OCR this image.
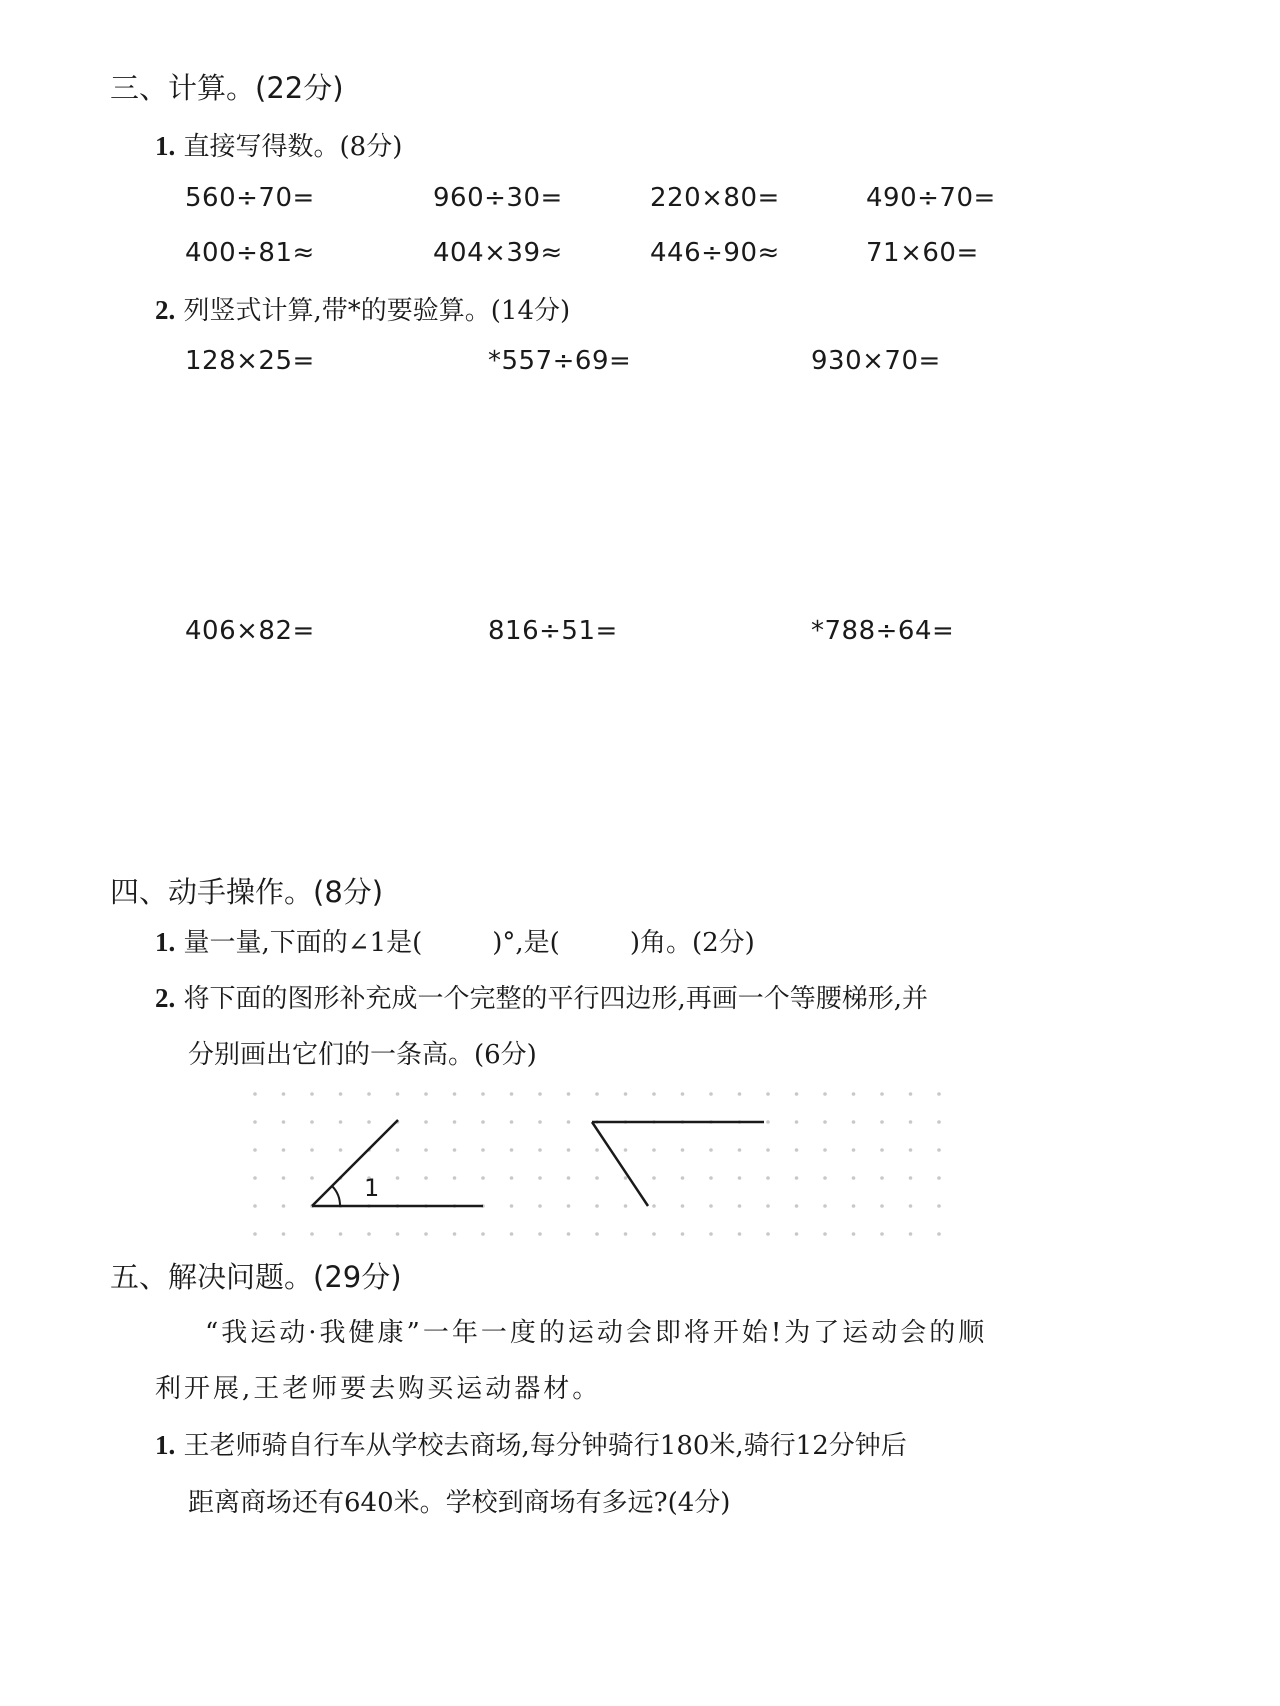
三、计算。(22分)
1. 直接写得数。(8分)
560÷70=	960÷30=	220×80=	490÷70=
400÷81≈	404×39≈	446÷90≈	71×60=
2. 列竖式计算,带*的要验算。(14分)
128×25=	*557÷69=	930×70=
406×82=	816÷51=	*788÷64=
四、动手操作。(8分)
1. 量一量,下面的∠1是(	)°,是(	)角。(2分)
2. 将下面的图形补充成一个完整的平行四边形,再画一个等腰梯形,并
分别画出它们的一条高。(6分)
1
五、解决问题。(29分)
“我运动·我健康”一年一度的运动会即将开始!为了运动会的顺
利开展,王老师要去购买运动器材。
1. 王老师骑自行车从学校去商场,每分钟骑行180米,骑行12分钟后
距离商场还有640米。学校到商场有多远?(4分)
